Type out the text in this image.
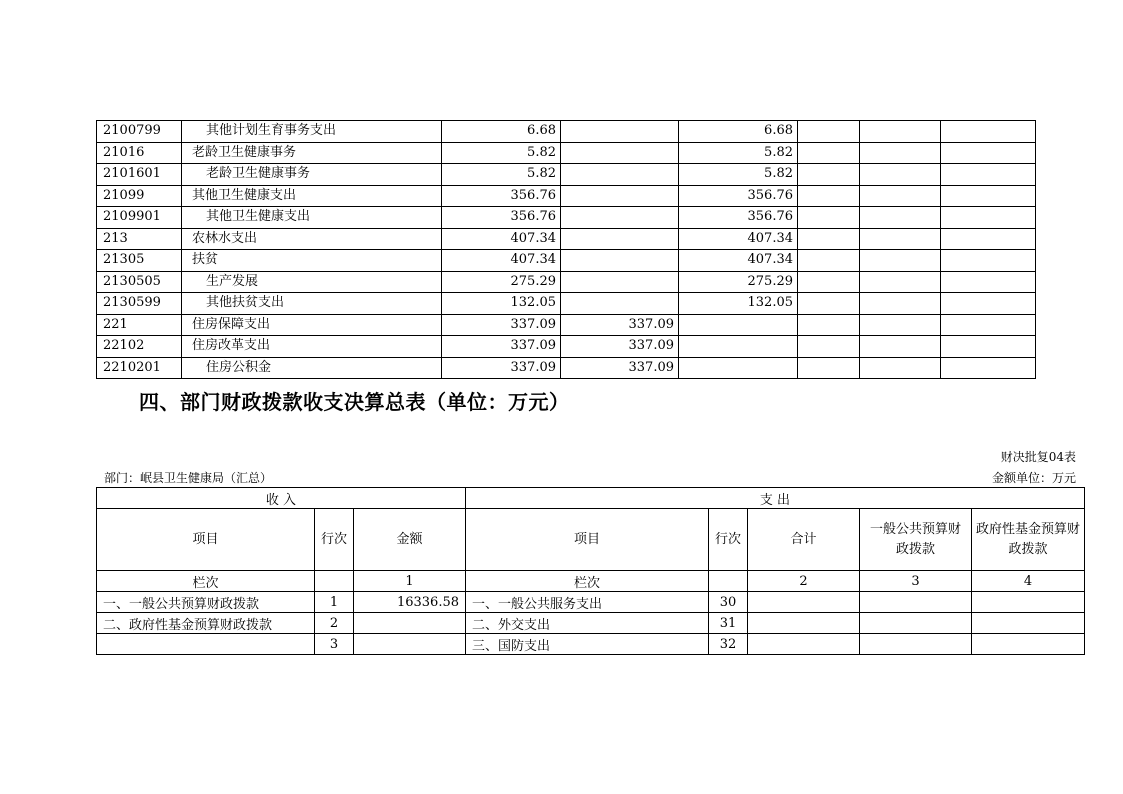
2100799	其他计划生育事务支出	6.68		6.68			
21016	老龄卫生健康事务	5.82		5.82			
2101601	老龄卫生健康事务	5.82		5.82			
21099	其他卫生健康支出	356.76		356.76			
2109901	其他卫生健康支出	356.76		356.76			
213	农林水支出	407.34		407.34			
21305	扶贫	407.34		407.34			
2130505	生产发展	275.29		275.29			
2130599	其他扶贫支出	132.05		132.05			
221	住房保障支出	337.09	337.09				
22102	住房改革支出	337.09	337.09				
2210201	住房公积金	337.09	337.09				
四、部门财政拨款收支决算总表（单位：万元）
财决批复04表
部门：岷县卫生健康局（汇总）	金额单位：万元
收 入			支 出				
项目	行次	金额	项目	行次	合计	一般公共预算财政拨款	政府性基金预算财政拨款
栏次		1	栏次		2	3	4
一、一般公共预算财政拨款	1	16336.58	一、一般公共服务支出	30			
二、政府性基金预算财政拨款	2		二、外交支出	31			
	3		三、国防支出	32			
